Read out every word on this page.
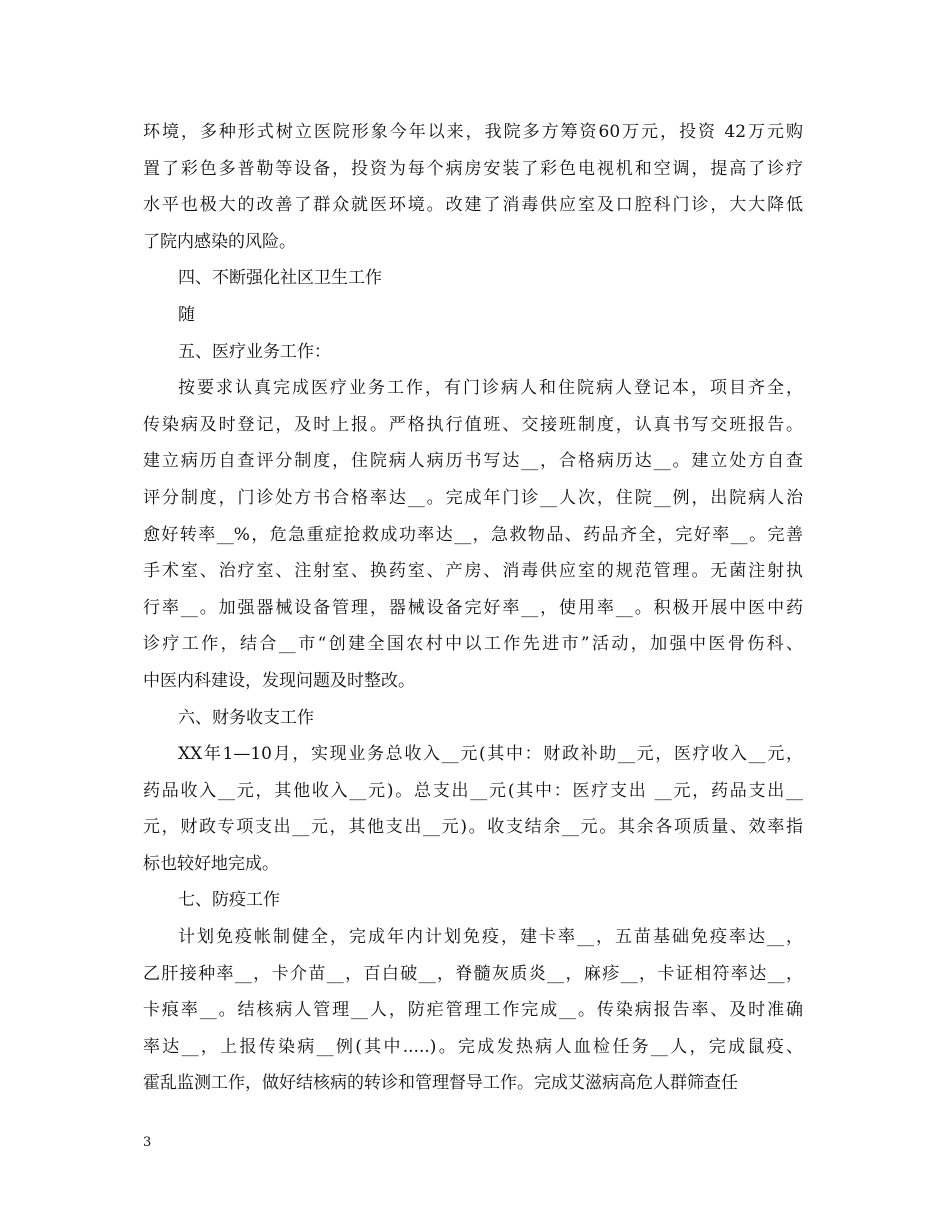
环境，多种形式树立医院形象今年以来，我院多方筹资60万元，投资 42万元购
置了彩色多普勒等设备，投资为每个病房安装了彩色电视机和空调，提高了诊疗
水平也极大的改善了群众就医环境。改建了消毒供应室及口腔科门诊，大大降低
了院内感染的风险。
四、不断强化社区卫生工作
随
五、医疗业务工作：
按要求认真完成医疗业务工作，有门诊病人和住院病人登记本，项目齐全，
传染病及时登记，及时上报。严格执行值班、交接班制度，认真书写交班报告。
建立病历自查评分制度，住院病人病历书写达__，合格病历达__。建立处方自查
评分制度，门诊处方书合格率达__。完成年门诊__人次，住院__例，出院病人治
愈好转率__%，危急重症抢救成功率达__，急救物品、药品齐全，完好率__。完善
手术室、治疗室、注射室、换药室、产房、消毒供应室的规范管理。无菌注射执
行率__。加强器械设备管理，器械设备完好率__，使用率__。积极开展中医中药
诊疗工作，结合__市“创建全国农村中以工作先进市”活动，加强中医骨伤科、
中医内科建设，发现问题及时整改。
六、财务收支工作
XX年1—10月，实现业务总收入__元(其中：财政补助__元，医疗收入__元，
药品收入__元，其他收入__元)。总支出__元(其中：医疗支出 __元，药品支出__
元，财政专项支出__元，其他支出__元)。收支结余__元。其余各项质量、效率指
标也较好地完成。
七、防疫工作
计划免疫帐制健全，完成年内计划免疫，建卡率__，五苗基础免疫率达__，
乙肝接种率__，卡介苗__，百白破__，脊髓灰质炎__，麻疹__，卡证相符率达__，
卡痕率__。结核病人管理__人，防疟管理工作完成__。传染病报告率、及时准确
率达__，上报传染病__例(其中.....)。完成发热病人血检任务__人，完成鼠疫、
霍乱监测工作，做好结核病的转诊和管理督导工作。完成艾滋病高危人群筛查任
3
